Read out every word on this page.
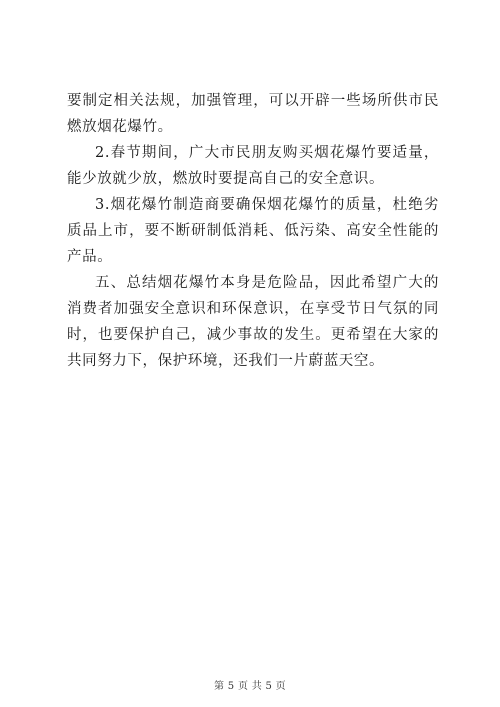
要制定相关法规，加强管理，可以开辟一些场所供市民燃放烟花爆竹。

2.春节期间，广大市民朋友购买烟花爆竹要适量，能少放就少放，燃放时要提高自己的安全意识。

3.烟花爆竹制造商要确保烟花爆竹的质量，杜绝劣质品上市，要不断研制低消耗、低污染、高安全性能的产品。

五、总结烟花爆竹本身是危险品，因此希望广大的消费者加强安全意识和环保意识，在享受节日气氛的同时，也要保护自己，减少事故的发生。更希望在大家的共同努力下，保护环境，还我们一片蔚蓝天空。

第 5 页 共 5 页
